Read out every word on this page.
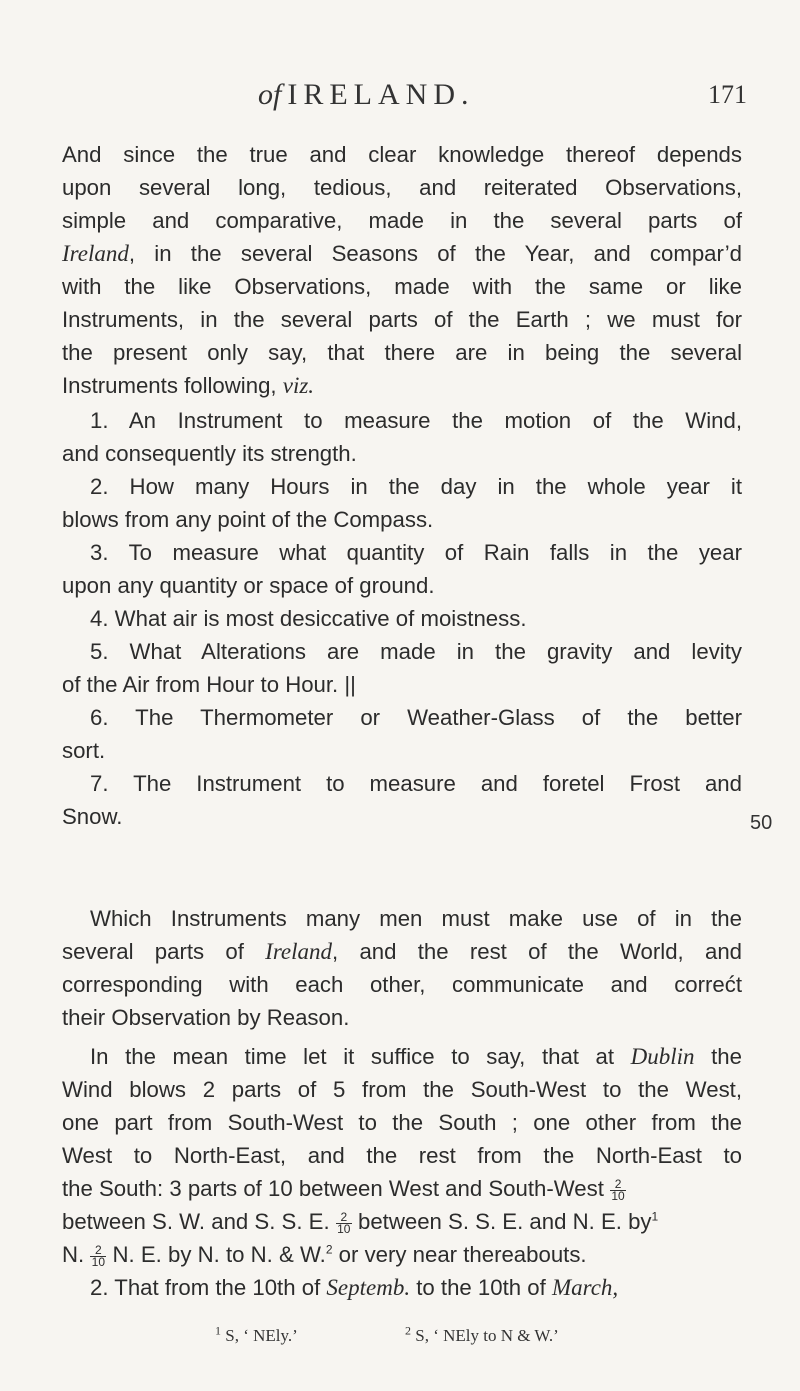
of IRELAND.	171
And since the true and clear knowledge thereof depends
upon several long, tedious, and reiterated Observations,
simple and comparative, made in the several parts of
Ireland, in the several Seasons of the Year, and compar’d
with the like Observations, made with the same or like
Instruments, in the several parts of the Earth ; we must for
the present only say, that there are in being the several
Instruments following, viz.
1. An Instrument to measure the motion of the Wind,
and consequently its strength.
2. How many Hours in the day in the whole year it
blows from any point of the Compass.
3. To measure what quantity of Rain falls in the year
upon any quantity or space of ground.
4. What air is most desiccative of moistness.
5. What Alterations are made in the gravity and levity
of the Air from Hour to Hour. ||
6. The Thermometer or Weather-Glass of the better
sort.
7. The Instrument to measure and foretel Frost and
Snow.	50
Which Instruments many men must make use of in the
several parts of Ireland, and the rest of the World, and
corresponding with each other, communicate and correćt
their Observation by Reason.
In the mean time let it suffice to say, that at Dublin the
Wind blows 2 parts of 5 from the South-West to the West,
one part from South-West to the South ; one other from the
West to North-East, and the rest from the North-East to
the South: 3 parts of 10 between West and South-West $\frac{2}{10}$
between S. W. and S. S. E. $\frac{2}{10}$ between S. S. E. and N. E. $by^1$
N. $\frac{2}{10} N$. E. by N. to N. & W.$^2$ or very near thereabouts.
2. That from the 10th of Septemb. to the 10th of March,
$^1$ S, ‘ NEly.’	$^2$ S, ‘ NEly to N & W.’
